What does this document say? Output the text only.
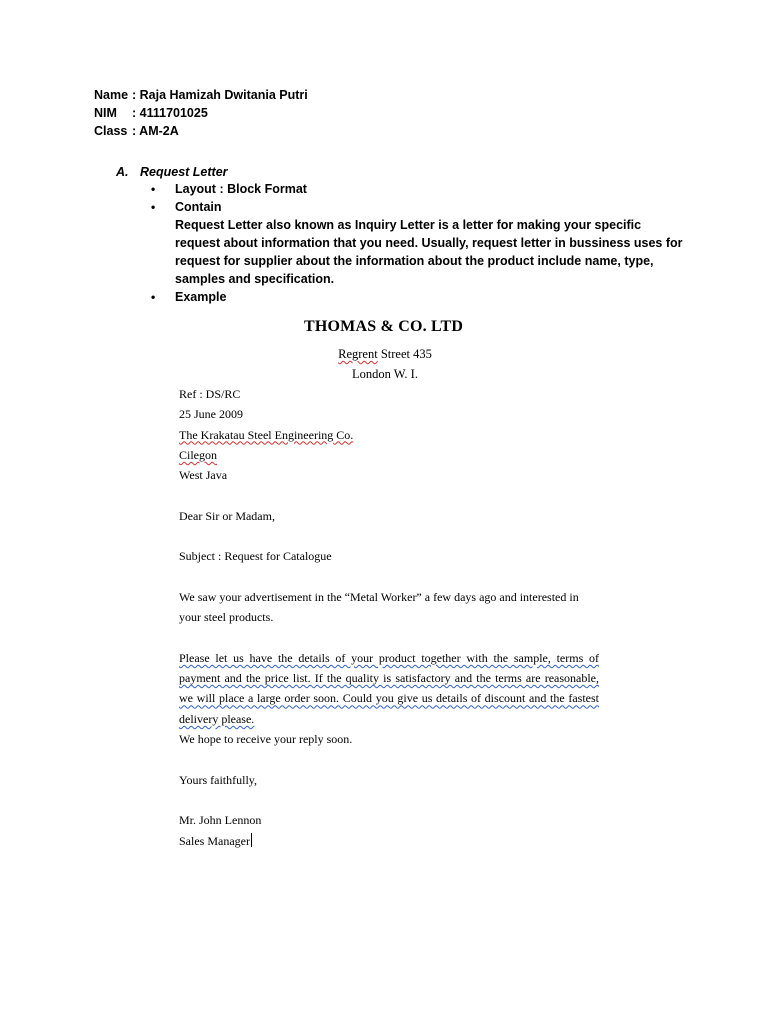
Name : Raja Hamizah Dwitania Putri
NIM	: 4111701025
Class : AM-2A
A. Request Letter
•	Layout : Block Format
•	Contain
Request Letter also known as Inquiry Letter is a letter for making your specific request about information that you need. Usually, request letter in bussiness uses for request for supplier about the information about the product include name, type, samples and specification.
•	Example
THOMAS & CO. LTD
Regrent Street 435
London W. I.
Ref : DS/RC
25 June 2009
The Krakatau Steel Engineering Co.
Cilegon
West Java
Dear Sir or Madam,
Subject : Request for Catalogue
We saw your advertisement in the “Metal Worker” a few days ago and interested in your steel products.
Please let us have the details of your product together with the sample, terms of payment and the price list. If the quality is satisfactory and the terms are reasonable, we will place a large order soon. Could you give us details of discount and the fastest delivery please.
We hope to receive your reply soon.
Yours faithfully,
Mr. John Lennon
Sales Manager
